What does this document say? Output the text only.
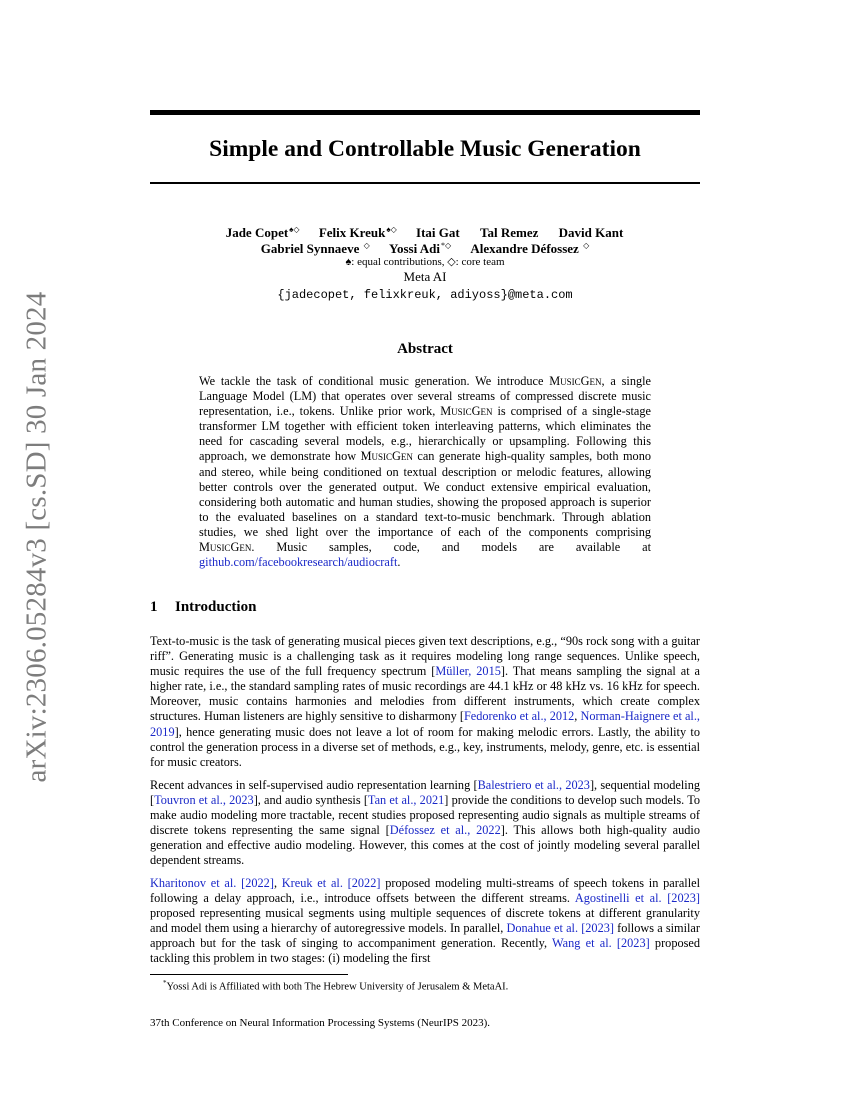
arXiv:2306.05284v3 [cs.SD] 30 Jan 2024
Simple and Controllable Music Generation
Jade Copet♠◇ Felix Kreuk♠◇ Itai Gat Tal Remez David Kant
Gabriel Synnaeve ◇ Yossi Adi*◇ Alexandre Défossez ◇
♠: equal contributions, ◇: core team
Meta AI
{jadecopet, felixkreuk, adiyoss}@meta.com
Abstract
We tackle the task of conditional music generation. We introduce MusicGen, a single Language Model (LM) that operates over several streams of compressed discrete music representation, i.e., tokens. Unlike prior work, MusicGen is comprised of a single-stage transformer LM together with efficient token interleaving patterns, which eliminates the need for cascading several models, e.g., hierarchically or upsampling. Following this approach, we demonstrate how MusicGen can generate high-quality samples, both mono and stereo, while being conditioned on textual description or melodic features, allowing better controls over the generated output. We conduct extensive empirical evaluation, considering both automatic and human studies, showing the proposed approach is superior to the evaluated baselines on a standard text-to-music benchmark. Through ablation studies, we shed light over the importance of each of the components comprising MusicGen. Music samples, code, and models are available at github.com/facebookresearch/audiocraft.
1 Introduction
Text-to-music is the task of generating musical pieces given text descriptions, e.g., “90s rock song with a guitar riff”. Generating music is a challenging task as it requires modeling long range sequences. Unlike speech, music requires the use of the full frequency spectrum [Müller, 2015]. That means sampling the signal at a higher rate, i.e., the standard sampling rates of music recordings are 44.1 kHz or 48 kHz vs. 16 kHz for speech. Moreover, music contains harmonies and melodies from different instruments, which create complex structures. Human listeners are highly sensitive to disharmony [Fedorenko et al., 2012, Norman-Haignere et al., 2019], hence generating music does not leave a lot of room for making melodic errors. Lastly, the ability to control the generation process in a diverse set of methods, e.g., key, instruments, melody, genre, etc. is essential for music creators.
Recent advances in self-supervised audio representation learning [Balestriero et al., 2023], sequential modeling [Touvron et al., 2023], and audio synthesis [Tan et al., 2021] provide the conditions to develop such models. To make audio modeling more tractable, recent studies proposed representing audio signals as multiple streams of discrete tokens representing the same signal [Défossez et al., 2022]. This allows both high-quality audio generation and effective audio modeling. However, this comes at the cost of jointly modeling several parallel dependent streams.
Kharitonov et al. [2022], Kreuk et al. [2022] proposed modeling multi-streams of speech tokens in parallel following a delay approach, i.e., introduce offsets between the different streams. Agostinelli et al. [2023] proposed representing musical segments using multiple sequences of discrete tokens at different granularity and model them using a hierarchy of autoregressive models. In parallel, Donahue et al. [2023] follows a similar approach but for the task of singing to accompaniment generation. Recently, Wang et al. [2023] proposed tackling this problem in two stages: (i) modeling the first
*Yossi Adi is Affiliated with both The Hebrew University of Jerusalem & MetaAI.
37th Conference on Neural Information Processing Systems (NeurIPS 2023).
